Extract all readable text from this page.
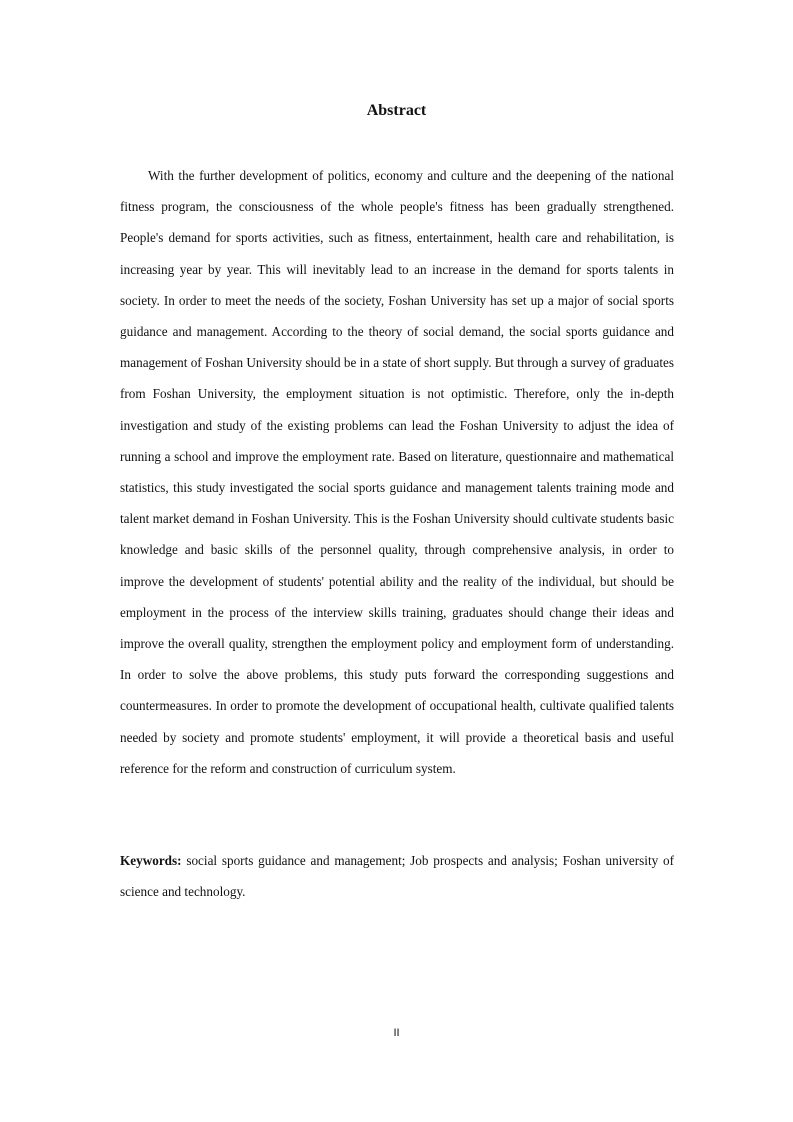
Abstract

With the further development of politics, economy and culture and the deepening of the national fitness program, the consciousness of the whole people's fitness has been gradually strengthened. People's demand for sports activities, such as fitness, entertainment, health care and rehabilitation, is increasing year by year. This will inevitably lead to an increase in the demand for sports talents in society. In order to meet the needs of the society, Foshan University has set up a major of social sports guidance and management. According to the theory of social demand, the social sports guidance and management of Foshan University should be in a state of short supply. But through a survey of graduates from Foshan University, the employment situation is not optimistic. Therefore, only the in-depth investigation and study of the existing problems can lead the Foshan University to adjust the idea of running a school and improve the employment rate. Based on literature, questionnaire and mathematical statistics, this study investigated the social sports guidance and management talents training mode and talent market demand in Foshan University. This is the Foshan University should cultivate students basic knowledge and basic skills of the personnel quality, through comprehensive analysis, in order to improve the development of students' potential ability and the reality of the individual, but should be employment in the process of the interview skills training, graduates should change their ideas and improve the overall quality, strengthen the employment policy and employment form of understanding. In order to solve the above problems, this study puts forward the corresponding suggestions and countermeasures. In order to promote the development of occupational health, cultivate qualified talents needed by society and promote students' employment, it will provide a theoretical basis and useful reference for the reform and construction of curriculum system.

Keywords: social sports guidance and management; Job prospects and analysis; Foshan university of science and technology.

II
